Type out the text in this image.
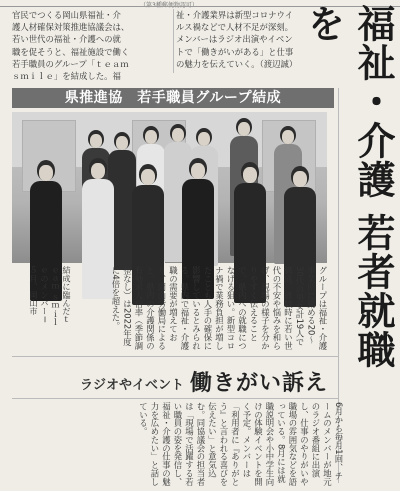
官民でつくる岡山県福祉・介
護人材確保対策推進協議会は、
若い世代の福祉・介護への就
職を促そうと、福祉施設で働く
若手職員のグループ「ｔｅａｍ
ｓｍｉｌｅ」を結成した。福
祉・介護業界は新型コロナウイ
ルス禍などで人材不足が深刻。
メンバーはラジオ出演やイベン
トで「働きがいがある」と仕事
の魅力を伝えていく。（渡辺誠）	福祉・介護 若者就職を
県推進協　若手職員グループ結成
結成に臨んだｔｅａｍ ｓｍｉｌｅのメンバー＝５月、岡山市	グループは福祉・介護事業所に勤める20〜30代の男女計19人で構成。就職時に若い世代の不安や悩みを和らげ、現場の様子を分かりやすく伝えることで、県内への就職につなげる狙い。新型コロナ禍で業務負担が増したことも人手の確保に影響しているとみられる。県内で福祉・介護職の需要が増えており、岡山労働局によると、県内の介護関係の有効求人倍率（季節調整なし）は2022年度に4倍を超えた。
ラジオやイベント 働きがい訴え
6月から毎月1回、チームのメンバーが地元のラジオ番組に出演し、仕事のやりがいや職場の雰囲気などを語っている。8月には就職説明会や小中学生向けの体験イベントを開く予定。メンバーは「利用者に『ありがとう』と言われる喜びを伝えたい」と意気込む。同協議会の担当者は「現場で活躍する若い職員の姿を発信し、福祉・介護の仕事の魅力を広めたい」と話している。
